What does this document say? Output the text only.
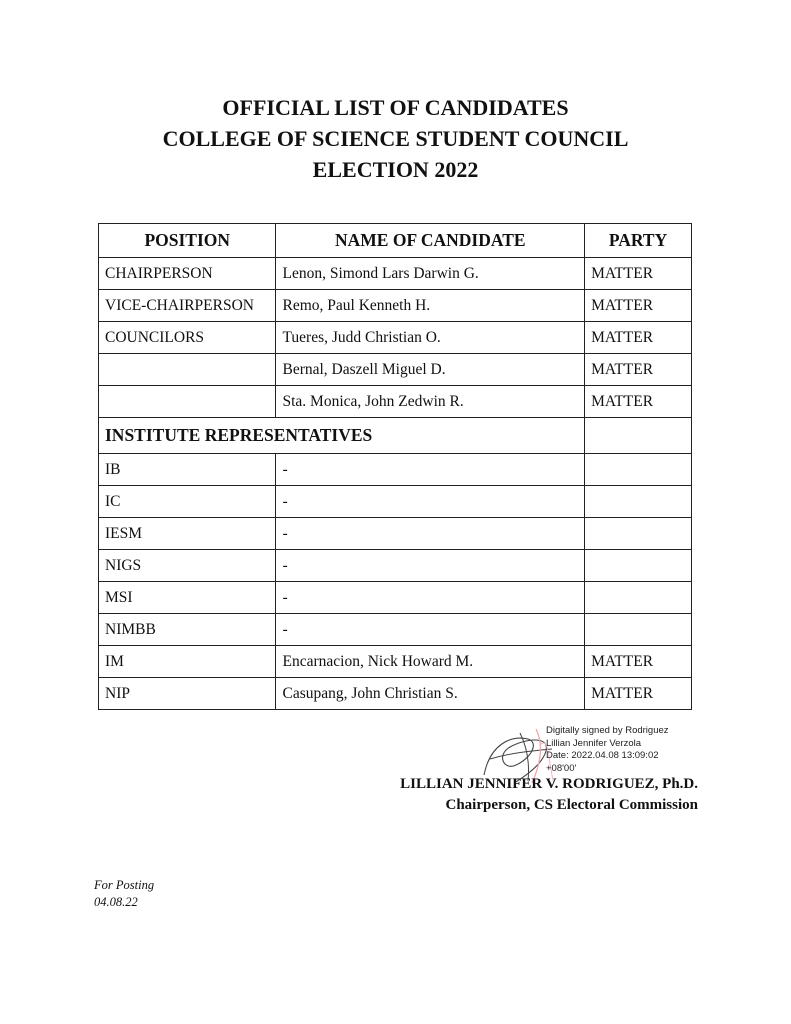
OFFICIAL LIST OF CANDIDATES
COLLEGE OF SCIENCE STUDENT COUNCIL
ELECTION 2022
POSITION	NAME OF CANDIDATE	PARTY
CHAIRPERSON	Lenon, Simond Lars Darwin G.	MATTER
VICE-CHAIRPERSON	Remo, Paul Kenneth H.	MATTER
COUNCILORS	Tueres, Judd Christian O.	MATTER
	Bernal, Daszell Miguel D.	MATTER
	Sta. Monica, John Zedwin R.	MATTER
INSTITUTE REPRESENTATIVES		
IB	-	
IC	-	
IESM	-	
NIGS	-	
MSI	-	
NIMBB	-	
IM	Encarnacion, Nick Howard M.	MATTER
NIP	Casupang, John Christian S.	MATTER
Digitally signed by Rodriguez
Lillian Jennifer Verzola
Date: 2022.04.08 13:09:02
+08'00'
LILLIAN JENNIFER V. RODRIGUEZ, Ph.D.
Chairperson, CS Electoral Commission
For Posting
04.08.22
